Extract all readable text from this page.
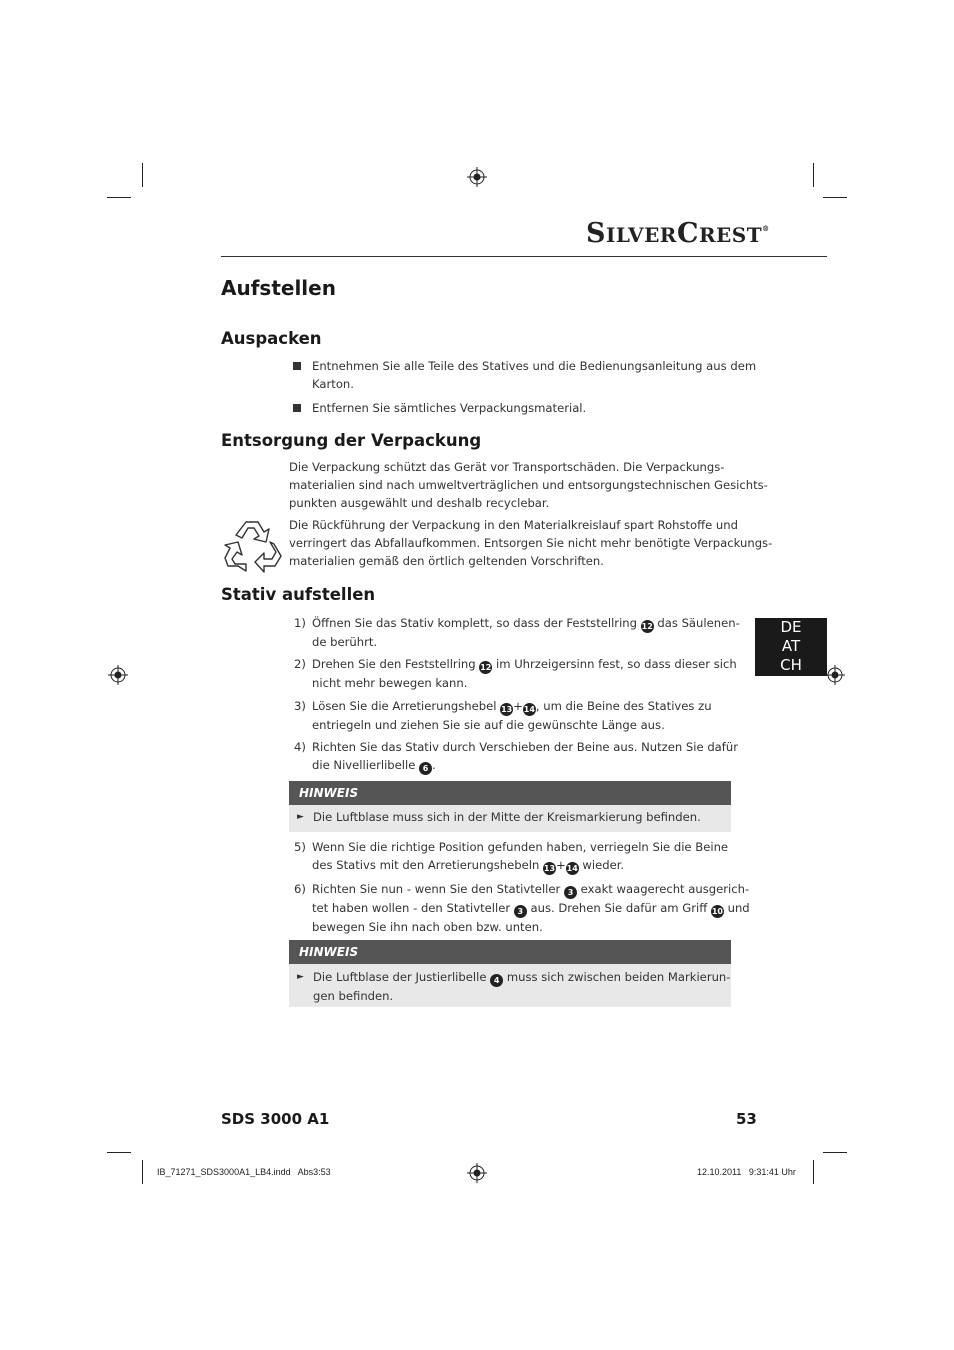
SILVERCREST®
Aufstellen
Auspacken
Entnehmen Sie alle Teile des Statives und die Bedienungsanleitung aus dem
Karton.
Entfernen Sie sämtliches Verpackungsmaterial.
Entsorgung der Verpackung
Die Verpackung schützt das Gerät vor Transportschäden. Die Verpackungs-
materialien sind nach umweltverträglichen und entsorgungstechnischen Gesichts-
punkten ausgewählt und deshalb recyclebar.
Die Rückführung der Verpackung in den Materialkreislauf spart Rohstoffe und
verringert das Abfallaufkommen. Entsorgen Sie nicht mehr benötigte Verpackungs-
materialien gemäß den örtlich geltenden Vorschriften.
Stativ aufstellen
1) Öffnen Sie das Stativ komplett, so dass der Feststellring 12 das Säulenen-
de berührt.
2) Drehen Sie den Feststellring 12 im Uhrzeigersinn fest, so dass dieser sich
nicht mehr bewegen kann.
3) Lösen Sie die Arretierungshebel 13+14, um die Beine des Statives zu
entriegeln und ziehen Sie sie auf die gewünschte Länge aus.
4) Richten Sie das Stativ durch Verschieben der Beine aus. Nutzen Sie dafür
die Nivellierlibelle 6 .
HINWEIS
► Die Luftblase muss sich in der Mitte der Kreismarkierung befinden.
5) Wenn Sie die richtige Position gefunden haben, verriegeln Sie die Beine
des Stativs mit den Arretierungshebeln 13+14 wieder.
6) Richten Sie nun - wenn Sie den Stativteller 3 exakt waagerecht ausgerich-
tet haben wollen - den Stativteller 3 aus. Drehen Sie dafür am Griff 10 und
bewegen Sie ihn nach oben bzw. unten.
HINWEIS
► Die Luftblase der Justierlibelle 4 muss sich zwischen beiden Markierun-
gen befinden.
DE
AT
CH
SDS 3000 A1	53
IB_71271_SDS3000A1_LB4.indd   Abs3:53	12.10.2011   9:31:41 Uhr
